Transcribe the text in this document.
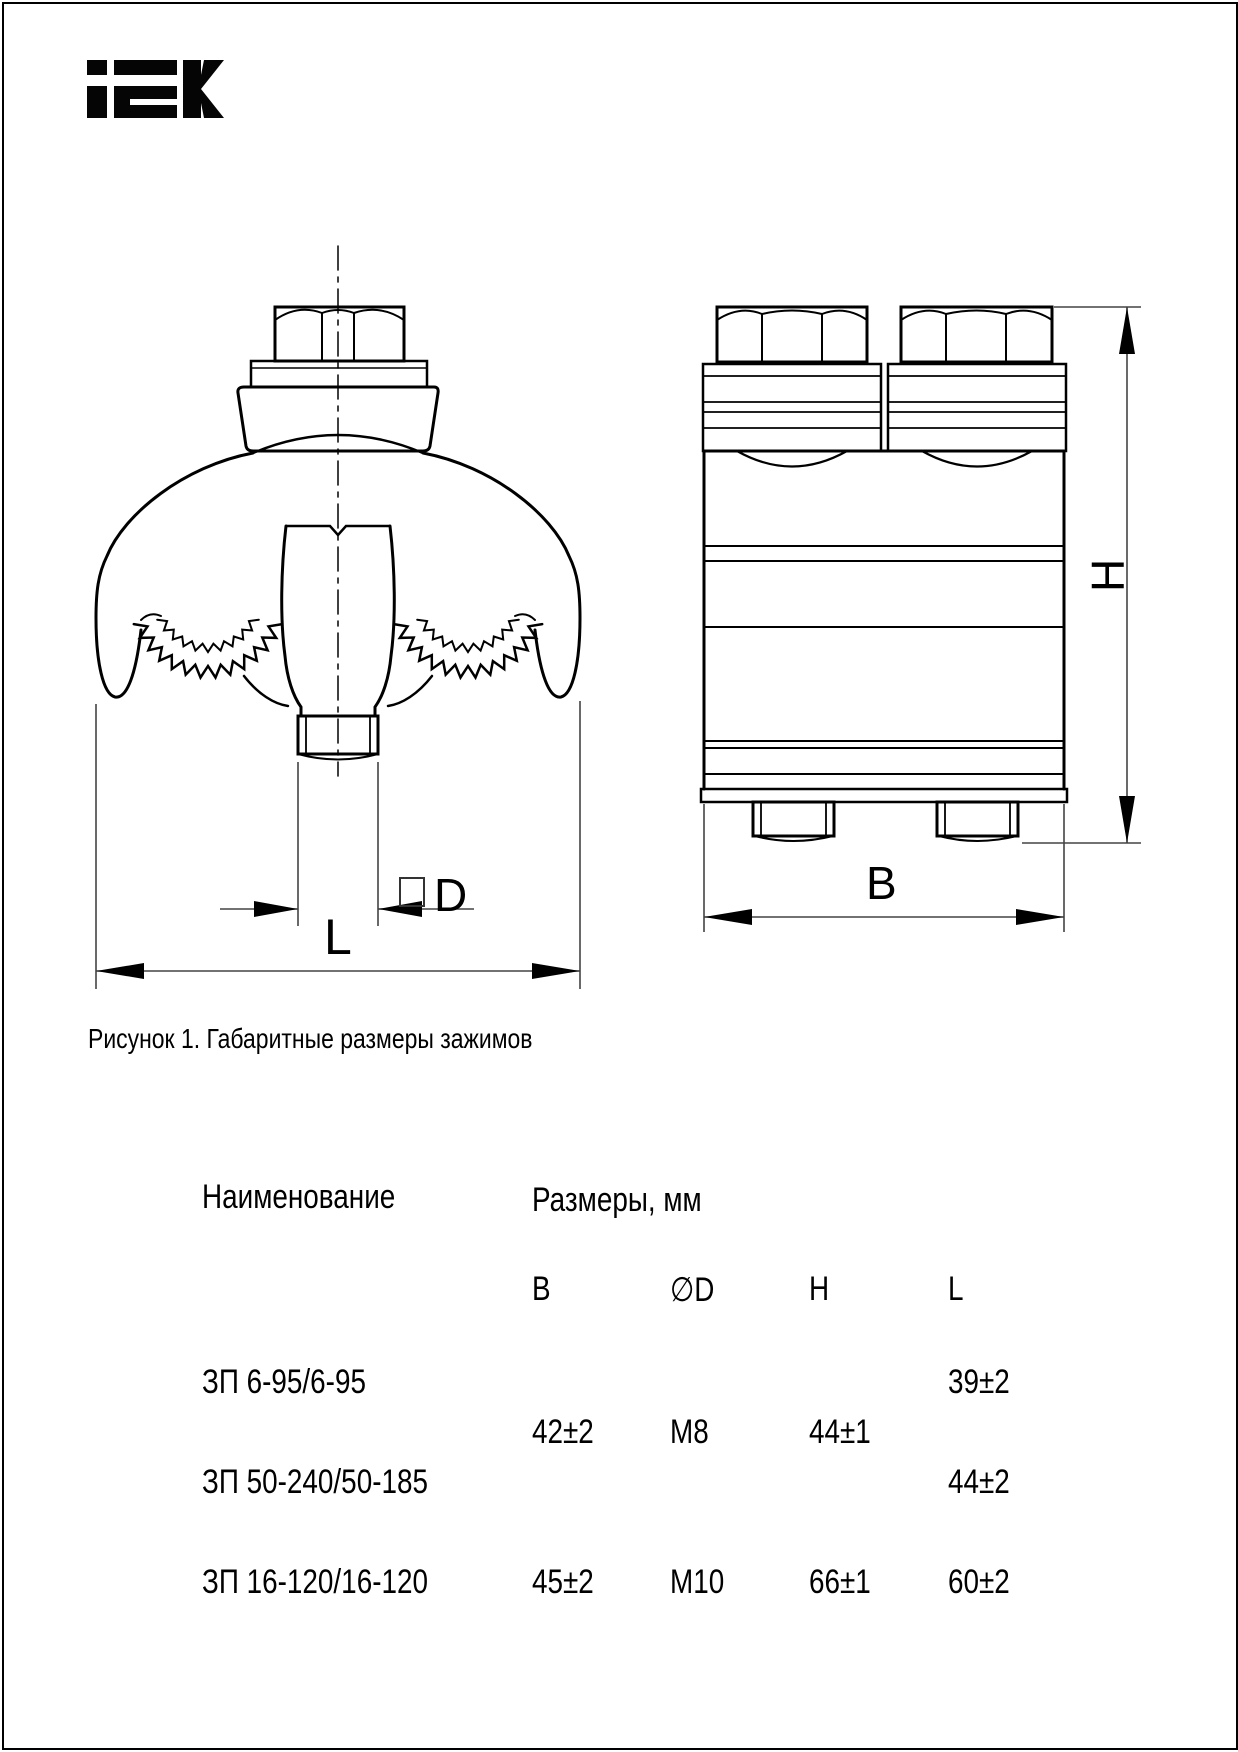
D
L
B
H
Рисунок 1. Габаритные размеры зажимов
Наименование	Размеры, мм			
	B	∅D	H	L
ЗП 6-95/6-95	42±2	M8	44±1	39±2
ЗП 50-240/50-185				44±2
ЗП 16-120/16-120	45±2	M10	66±1	60±2
